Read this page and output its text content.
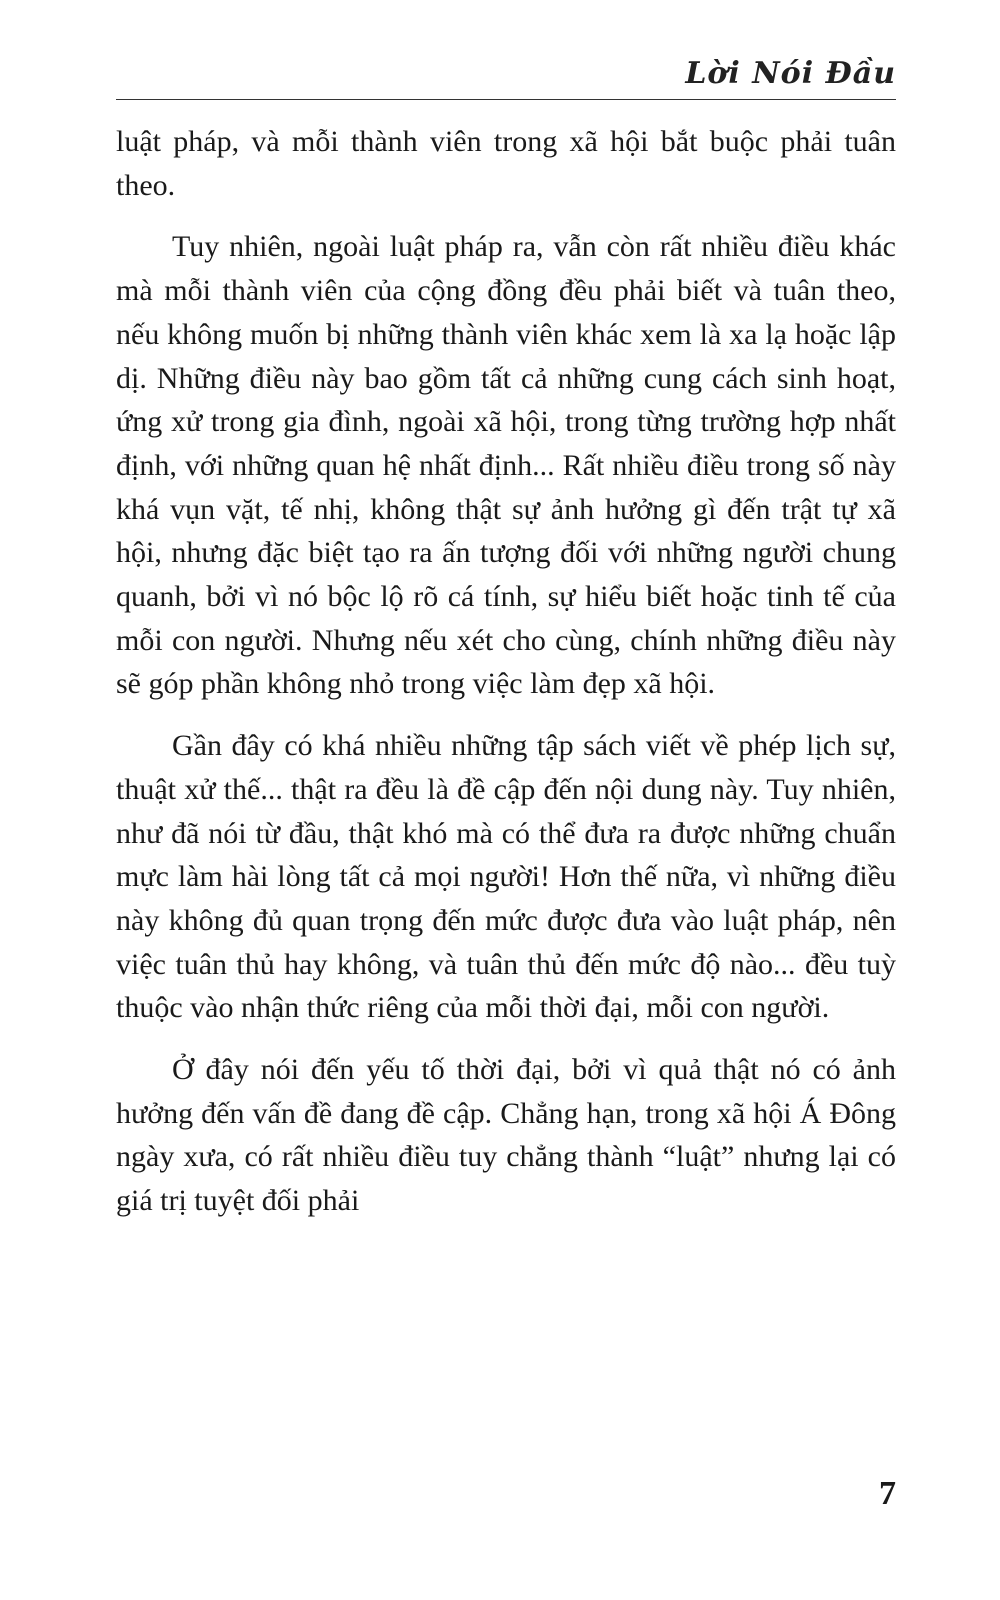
Lời Nói Đầu

luật pháp, và mỗi thành viên trong xã hội bắt buộc phải tuân theo.

Tuy nhiên, ngoài luật pháp ra, vẫn còn rất nhiều điều khác mà mỗi thành viên của cộng đồng đều phải biết và tuân theo, nếu không muốn bị những thành viên khác xem là xa lạ hoặc lập dị. Những điều này bao gồm tất cả những cung cách sinh hoạt, ứng xử trong gia đình, ngoài xã hội, trong từng trường hợp nhất định, với những quan hệ nhất định... Rất nhiều điều trong số này khá vụn vặt, tế nhị, không thật sự ảnh hưởng gì đến trật tự xã hội, nhưng đặc biệt tạo ra ấn tượng đối với những người chung quanh, bởi vì nó bộc lộ rõ cá tính, sự hiểu biết hoặc tinh tế của mỗi con người. Nhưng nếu xét cho cùng, chính những điều này sẽ góp phần không nhỏ trong việc làm đẹp xã hội.

Gần đây có khá nhiều những tập sách viết về phép lịch sự, thuật xử thế... thật ra đều là đề cập đến nội dung này. Tuy nhiên, như đã nói từ đầu, thật khó mà có thể đưa ra được những chuẩn mực làm hài lòng tất cả mọi người! Hơn thế nữa, vì những điều này không đủ quan trọng đến mức được đưa vào luật pháp, nên việc tuân thủ hay không, và tuân thủ đến mức độ nào... đều tuỳ thuộc vào nhận thức riêng của mỗi thời đại, mỗi con người.

Ở đây nói đến yếu tố thời đại, bởi vì quả thật nó có ảnh hưởng đến vấn đề đang đề cập. Chẳng hạn, trong xã hội Á Đông ngày xưa, có rất nhiều điều tuy chẳng thành “luật” nhưng lại có giá trị tuyệt đối phải

7
